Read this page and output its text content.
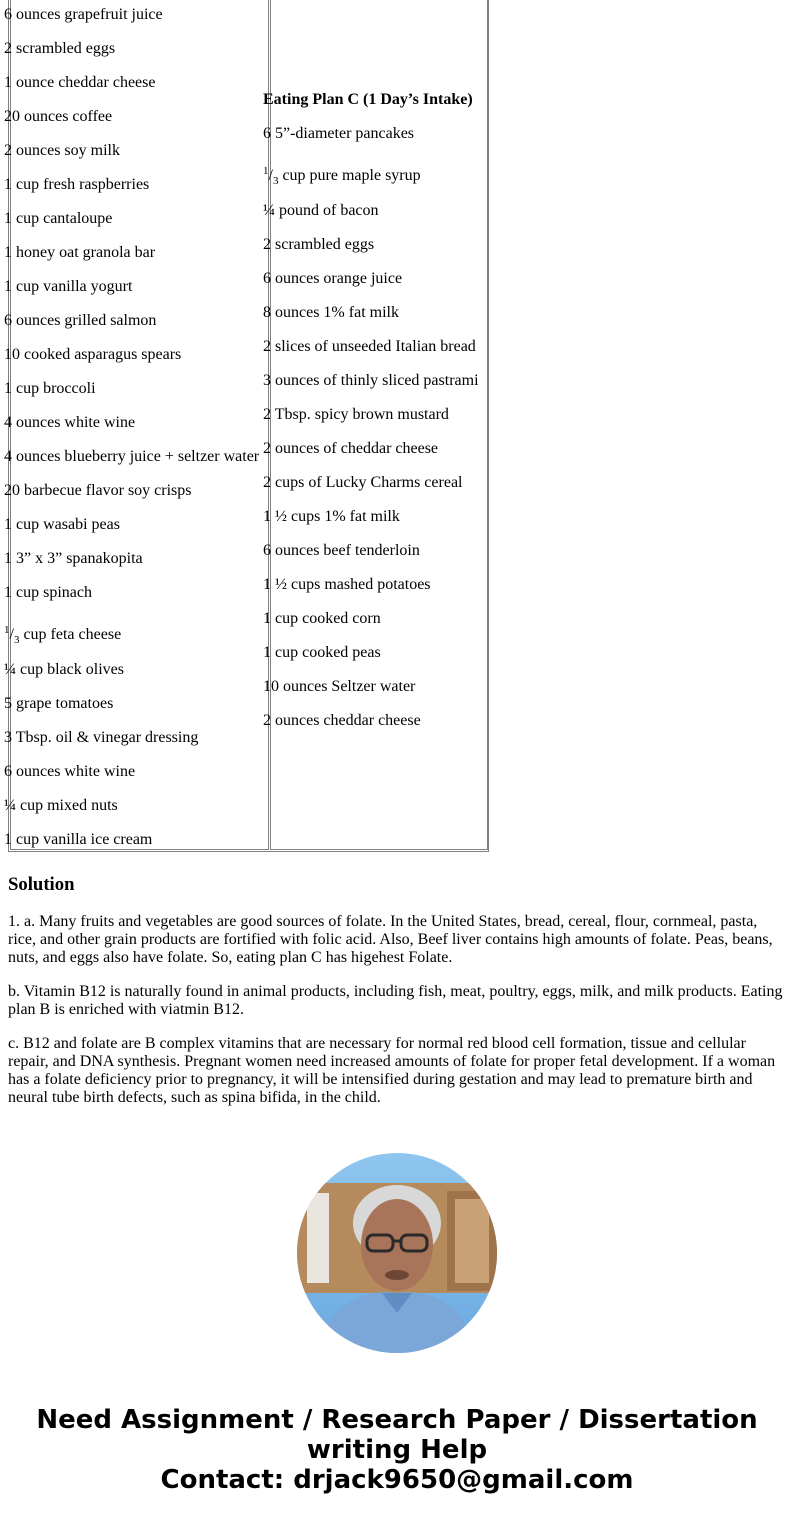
6 ounces grapefruit juice
2 scrambled eggs
1 ounce cheddar cheese
20 ounces coffee
2 ounces soy milk
1 cup fresh raspberries
1 cup cantaloupe
1 honey oat granola bar
1 cup vanilla yogurt
6 ounces grilled salmon
10 cooked asparagus spears
1 cup broccoli
4 ounces white wine
4 ounces blueberry juice + seltzer water
20 barbecue flavor soy crisps
1 cup wasabi peas
1 3” x 3” spanakopita
1 cup spinach
$^1/_3$ cup feta cheese
¼ cup black olives
5 grape tomatoes
3 Tbsp. oil & vinegar dressing
6 ounces white wine
¼ cup mixed nuts
1 cup vanilla ice cream
Eating Plan C (1 Day’s Intake)
6 5”-diameter pancakes
$^1/_3$ cup pure maple syrup
¼ pound of bacon
2 scrambled eggs
6 ounces orange juice
8 ounces 1% fat milk
2 slices of unseeded Italian bread
3 ounces of thinly sliced pastrami
2 Tbsp. spicy brown mustard
2 ounces of cheddar cheese
2 cups of Lucky Charms cereal
1 ½ cups 1% fat milk
6 ounces beef tenderloin
1 ½ cups mashed potatoes
1 cup cooked corn
1 cup cooked peas
10 ounces Seltzer water
2 ounces cheddar cheese
Solution
1. a. Many fruits and vegetables are good sources of folate. In the United States, bread, cereal, flour, cornmeal, pasta, rice, and other grain products are fortified with folic acid. Also, Beef liver contains high amounts of folate. Peas, beans, nuts, and eggs also have folate. So, eating plan C has higehest Folate.
b. Vitamin B12 is naturally found in animal products, including fish, meat, poultry, eggs, milk, and milk products. Eating plan B is enriched with viatmin B12.
c. B12 and folate are B complex vitamins that are necessary for normal red blood cell formation, tissue and cellular repair, and DNA synthesis. Pregnant women need increased amounts of folate for proper fetal development. If a woman has a folate deficiency prior to pregnancy, it will be intensified during gestation and may lead to premature birth and neural tube birth defects, such as spina bifida, in the child.
Need Assignment / Research Paper / Dissertation
writing Help
Contact: drjack9650@gmail.com
